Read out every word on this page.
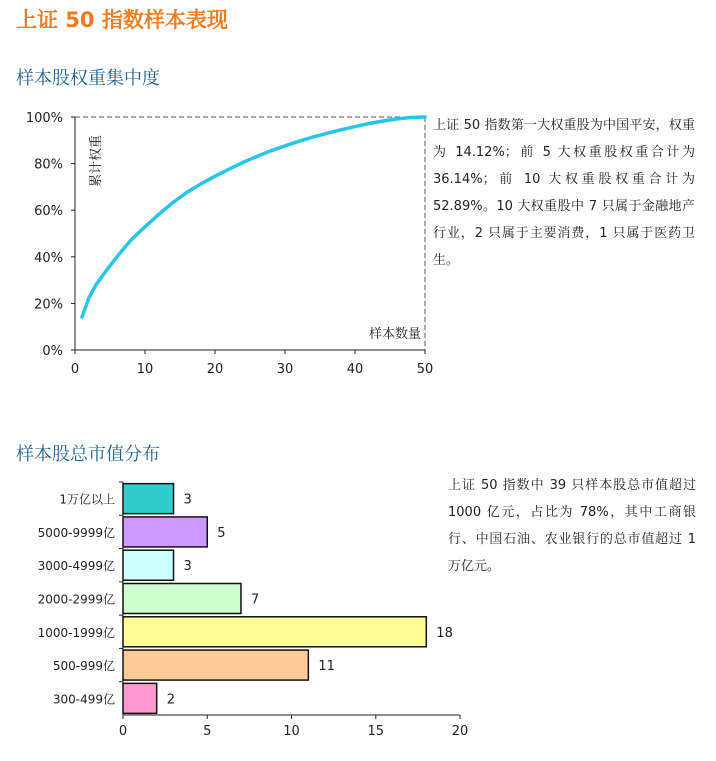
上证 50 指数样本表现
样本股权重集中度
样本股总市值分布
上证 50 指数第一大权重股为中国平安，权重为 14.12%；前 5 大权重股权重合计为 36.14%；前 10 大权重股权重合计为 52.89%。10 大权重股中 7 只属于金融地产行业，2 只属于主要消费，1 只属于医药卫生。
上证 50 指数中 39 只样本股总市值超过 1000 亿元，占比为 78%，其中工商银行、中国石油、农业银行的总市值超过 1 万亿元。
0%
20%
40%
60%
80%
100%
0	10	20	30	40	50
累计权重
样本数量
0	5	10	15	20
1万亿以上	3
5000-9999亿	5
3000-4999亿	3
2000-2999亿	7
1000-1999亿	18
500-999亿	11
300-499亿	2
